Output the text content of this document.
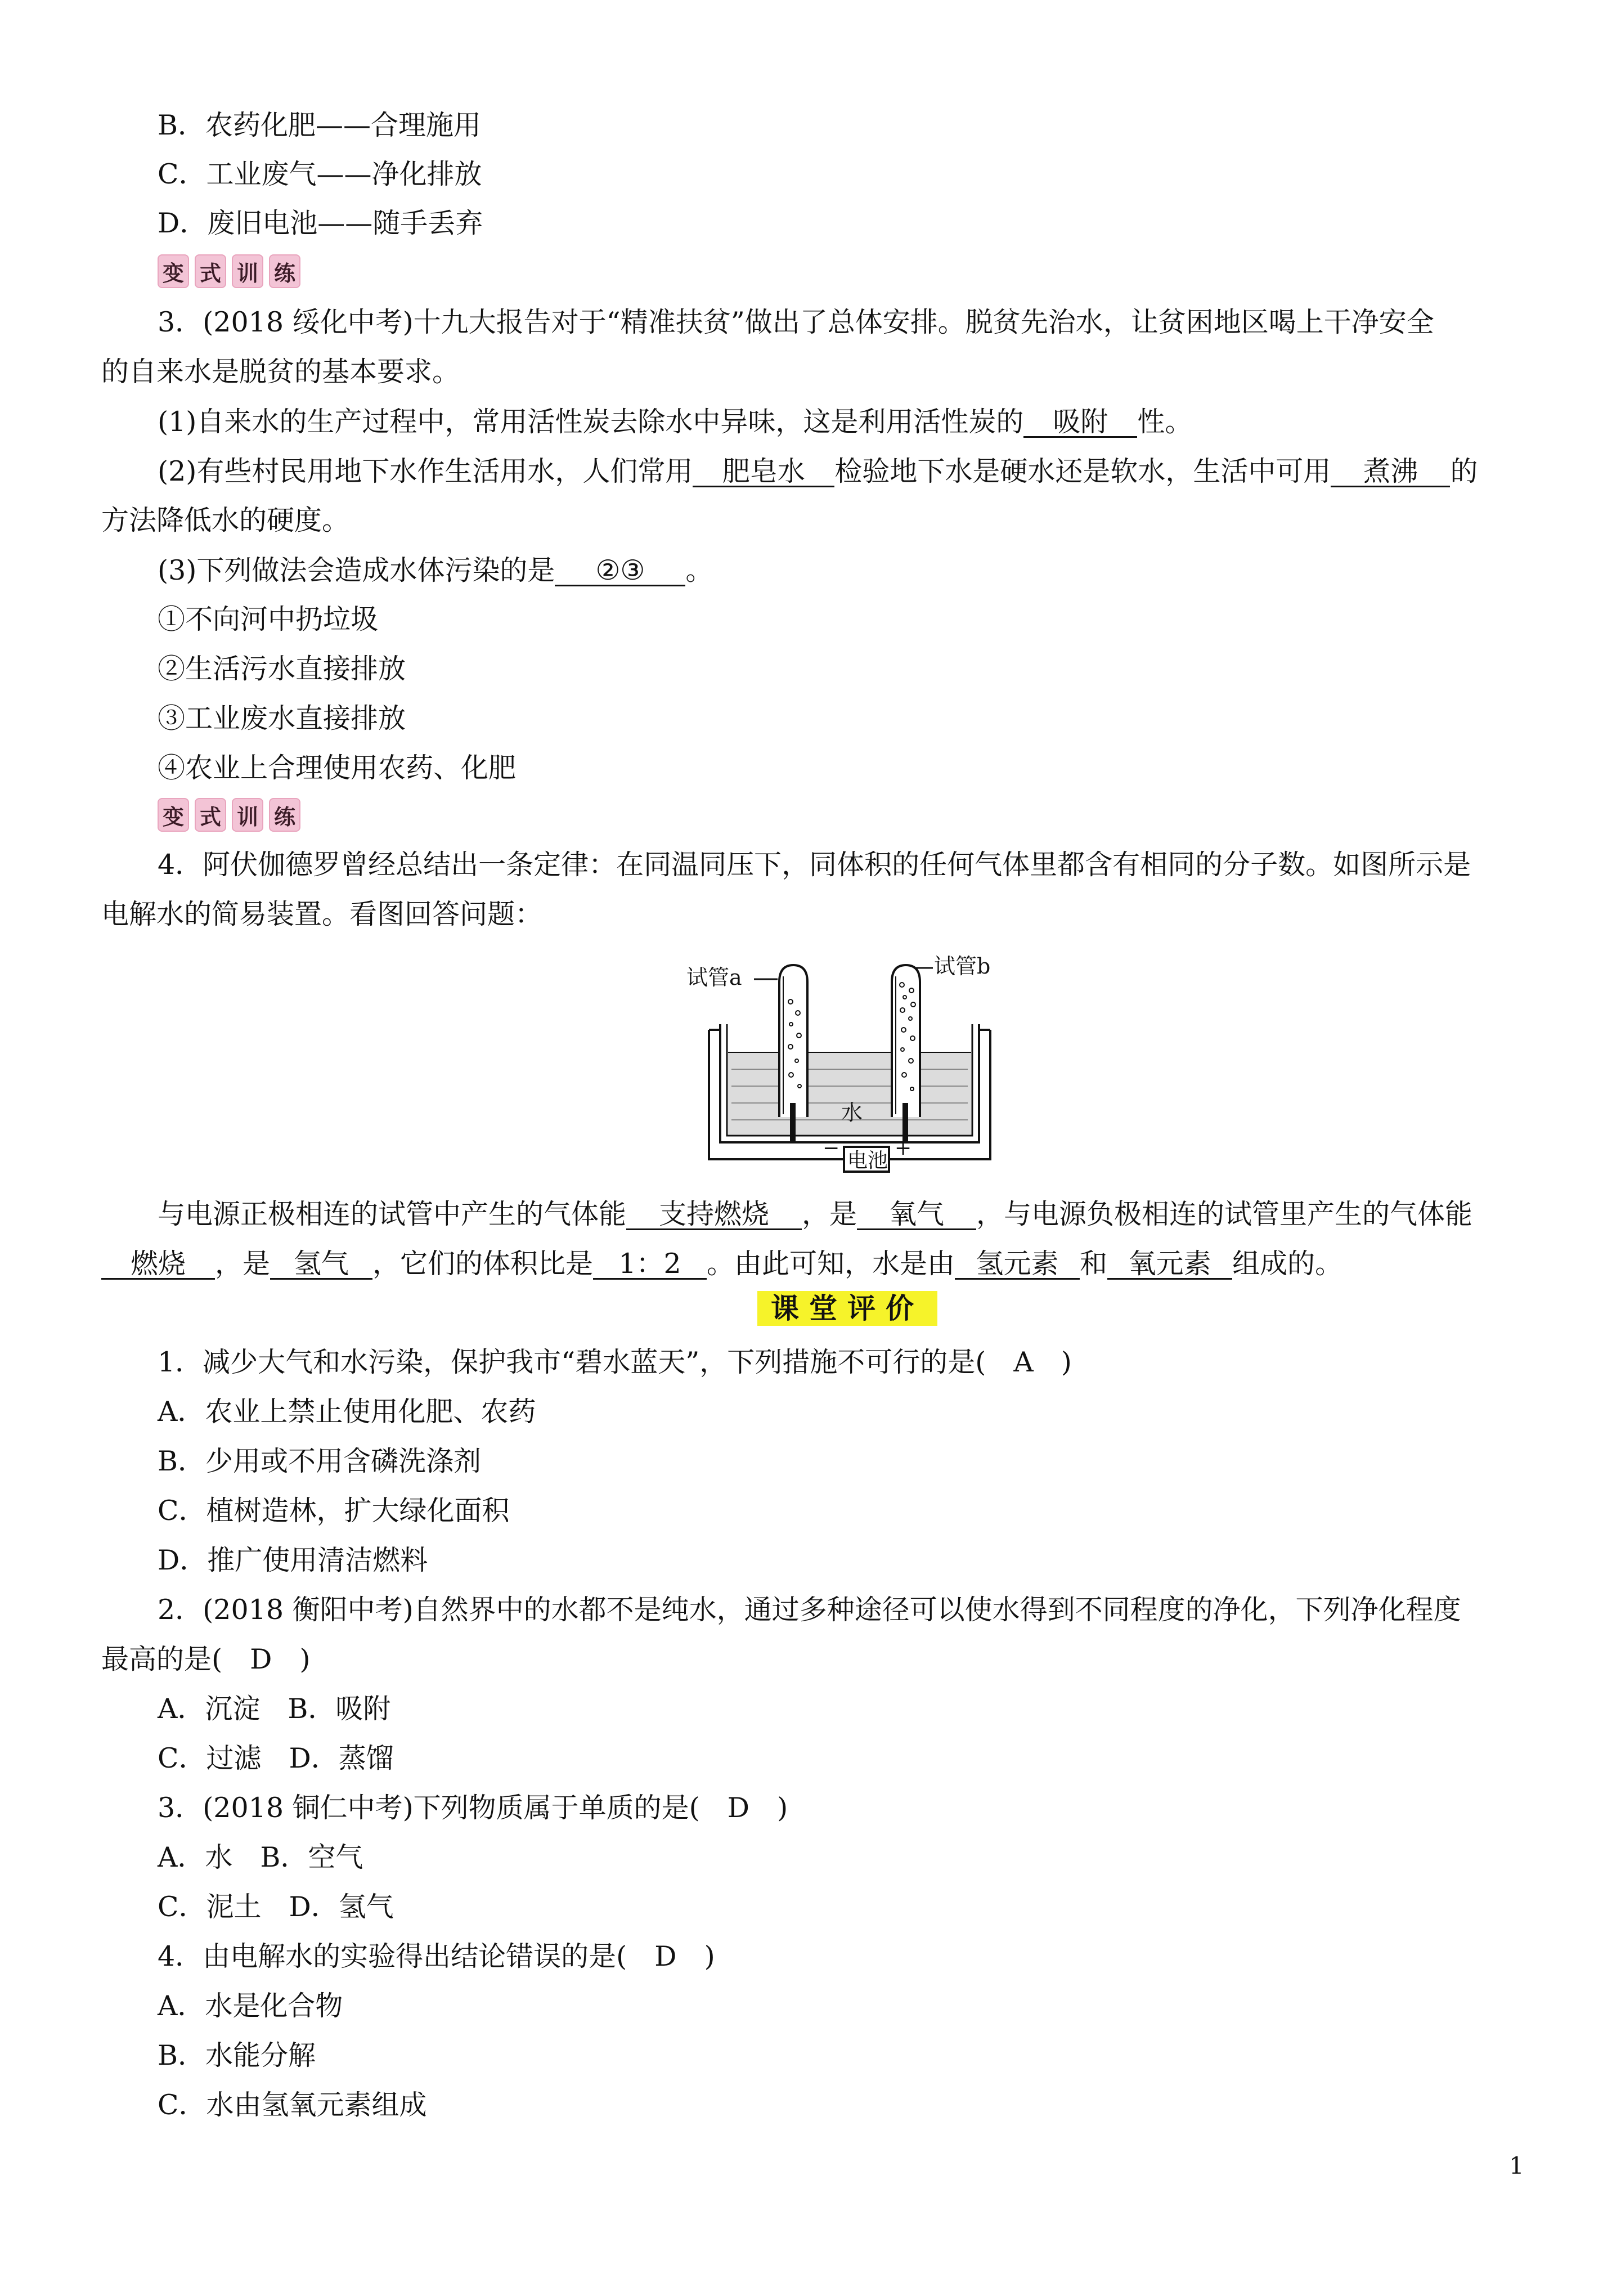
B．农药化肥——合理施用
C．工业废气——净化排放
D．废旧电池——随手丢弃
变 式 训 练
3．(2018 绥化中考)十九大报告对于“精准扶贫”做出了总体安排。脱贫先治水，让贫困地区喝上干净安全
的自来水是脱贫的基本要求。
(1)自来水的生产过程中，常用活性炭去除水中异味，这是利用活性炭的 吸附 性。
(2)有些村民用地下水作生活用水，人们常用 肥皂水 检验地下水是硬水还是软水，生活中可用 煮沸 的
方法降低水的硬度。
(3)下列做法会造成水体污染的是 ②③ 。
①不向河中扔垃圾
②生活污水直接排放
③工业废水直接排放
④农业上合理使用农药、化肥
变 式 训 练
4．阿伏伽德罗曾经总结出一条定律：在同温同压下，同体积的任何气体里都含有相同的分子数。如图所示是
电解水的简易装置。看图回答问题：
试管a	试管b
水
电池
−	+
与电源正极相连的试管中产生的气体能 支持燃烧 ，是 氧气 ，与电源负极相连的试管里产生的气体能
燃烧 ，是 氢气 ，它们的体积比是 1：2 。由此可知，水是由 氢元素 和 氧元素 组成的。
课堂评价
1．减少大气和水污染，保护我市“碧水蓝天”，下列措施不可行的是(　A　)
A．农业上禁止使用化肥、农药
B．少用或不用含磷洗涤剂
C．植树造林，扩大绿化面积
D．推广使用清洁燃料
2．(2018 衡阳中考)自然界中的水都不是纯水，通过多种途径可以使水得到不同程度的净化，下列净化程度
最高的是(　D　)
A．沉淀　B．吸附
C．过滤　D．蒸馏
3．(2018 铜仁中考)下列物质属于单质的是(　D　)
A．水　B．空气
C．泥土　D．氢气
4．由电解水的实验得出结论错误的是(　D　)
A．水是化合物
B．水能分解
C．水由氢氧元素组成
1
